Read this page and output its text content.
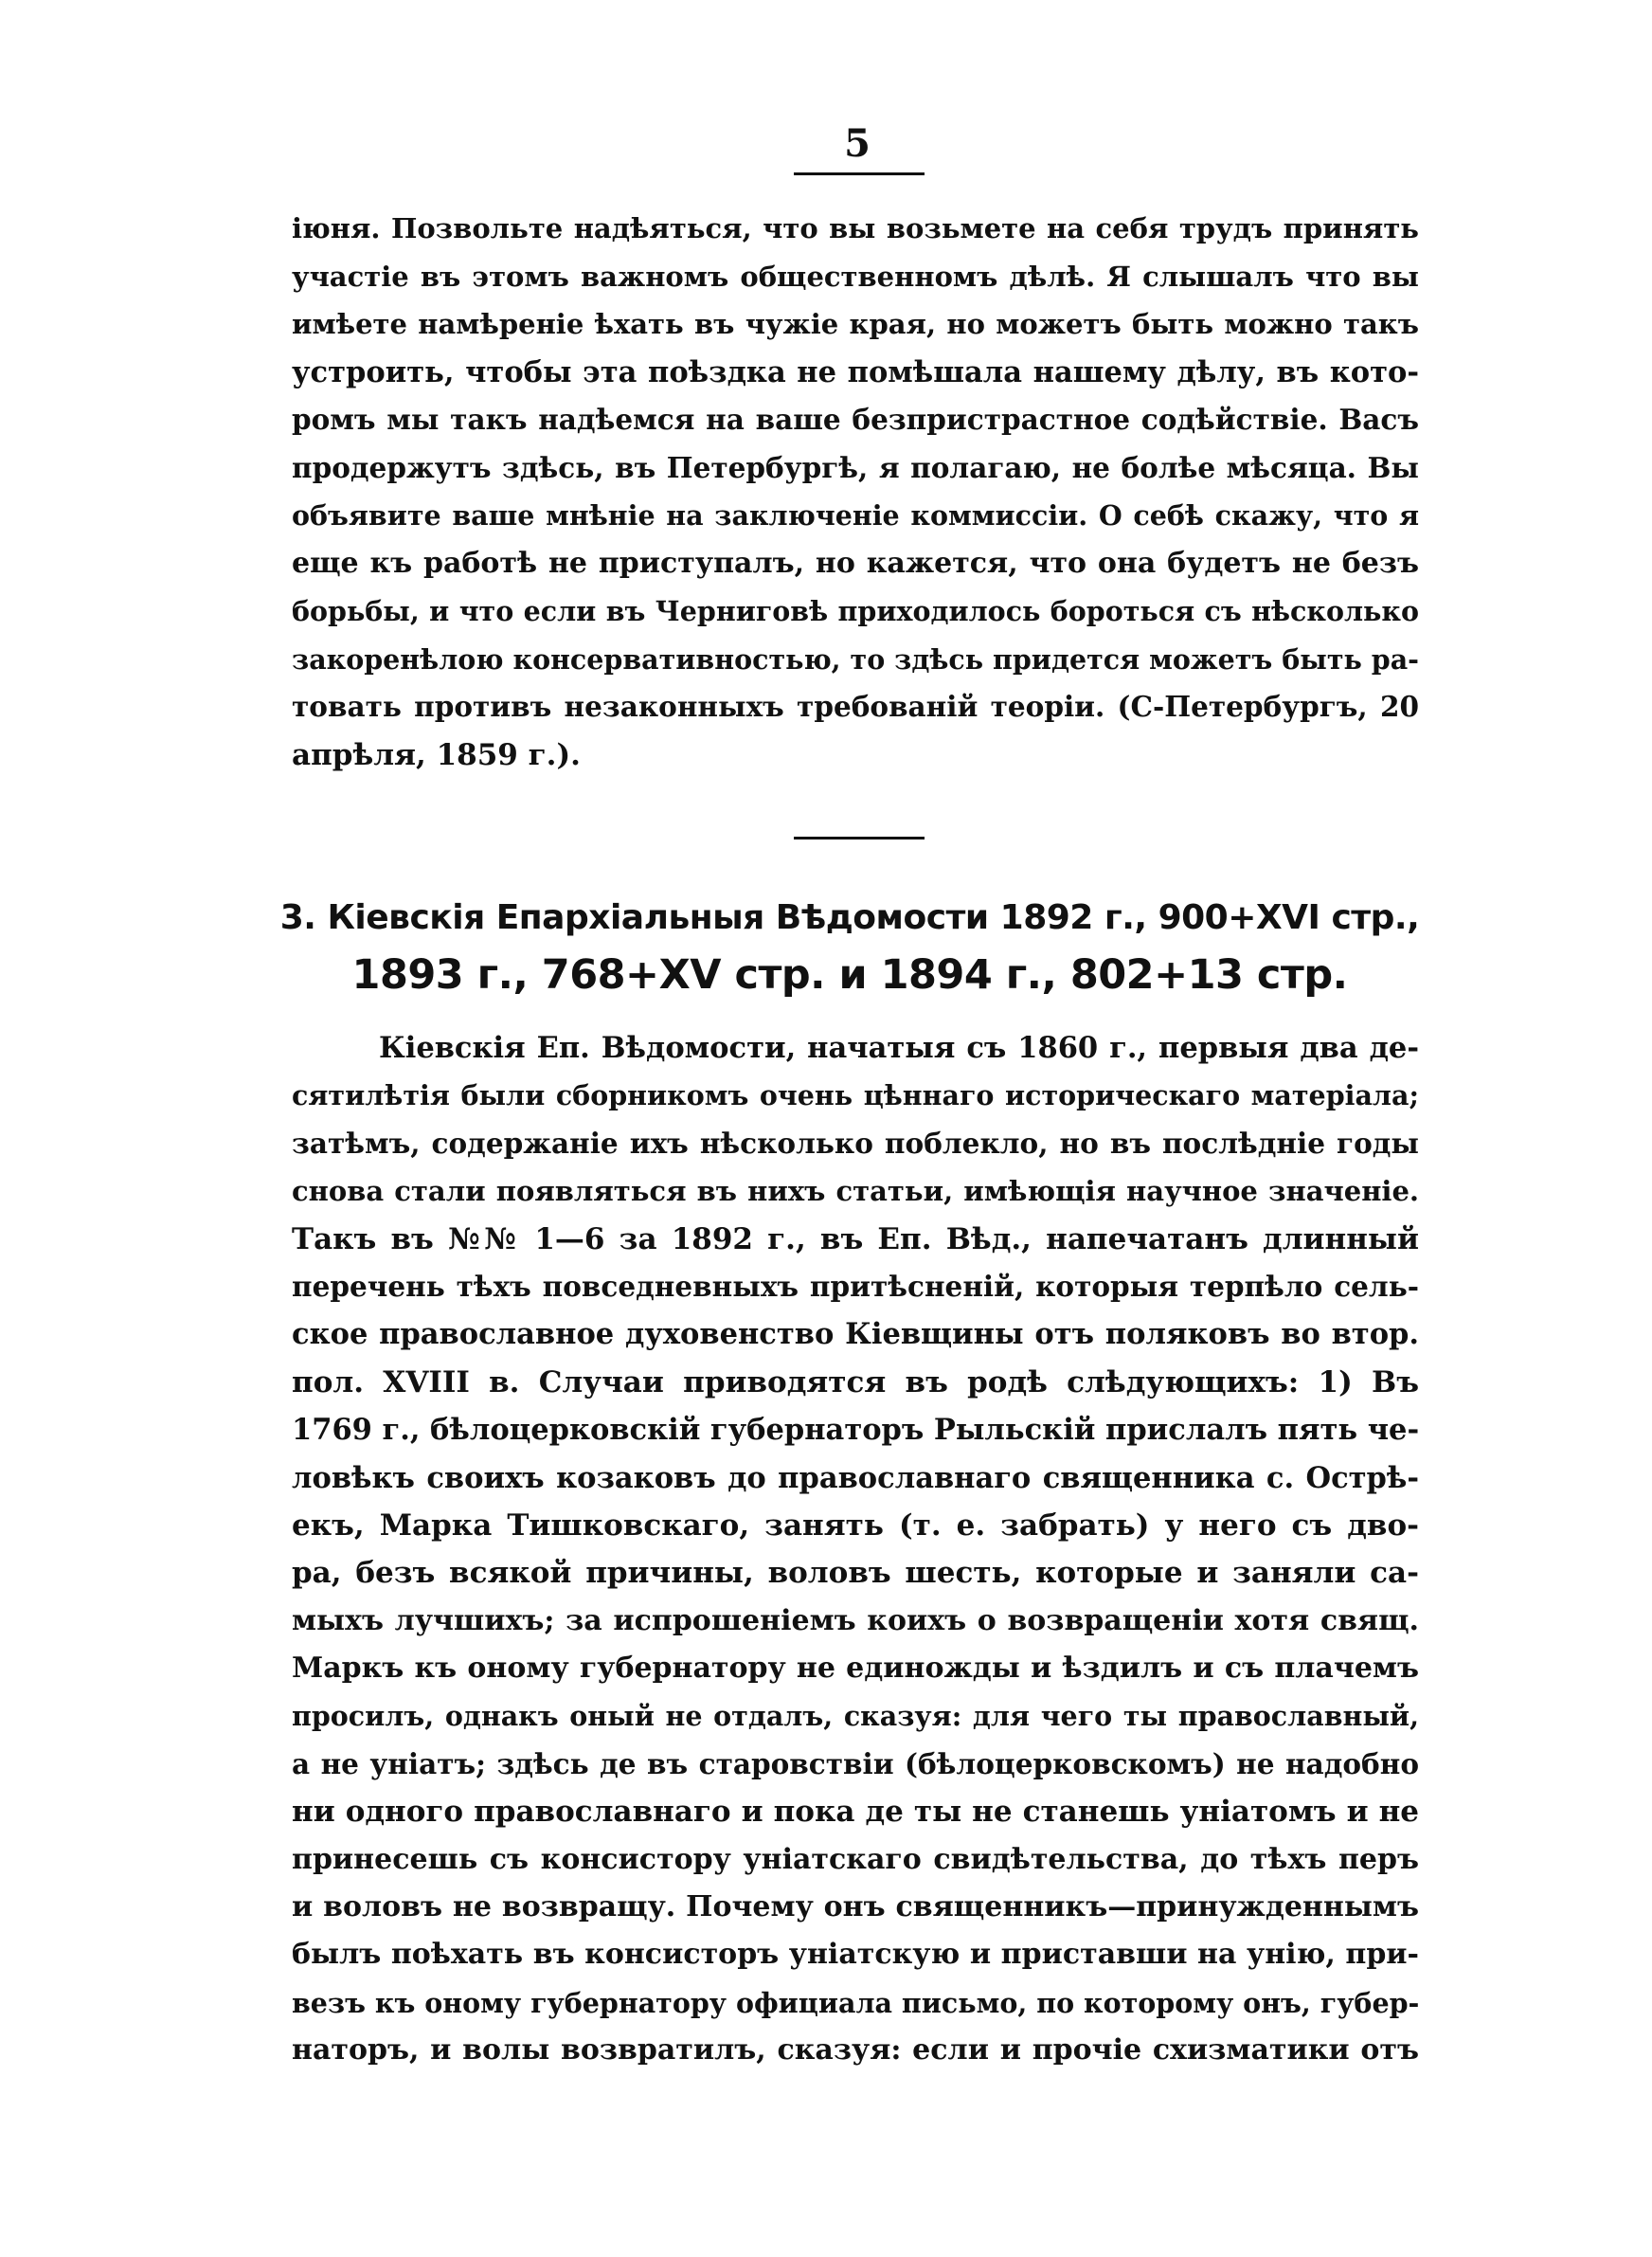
5
іюня. Позвольте надѣяться, что вы возьмете на себя трудъ принять
участіе въ этомъ важномъ общественномъ дѣлѣ. Я слышалъ что вы
имѣете намѣреніе ѣхать въ чужіе края, но можетъ быть можно такъ
устроить, чтобы эта поѣздка не помѣшала нашему дѣлу, въ кото-
ромъ мы такъ надѣемся на ваше безпристрастное содѣйствіе. Васъ
продержутъ здѣсь, въ Петербургѣ, я полагаю, не болѣе мѣсяца. Вы
объявите ваше мнѣніе на заключеніе коммиссіи. О себѣ скажу, что я
еще къ работѣ не приступалъ, но кажется, что она будетъ не безъ
борьбы, и что если въ Черниговѣ приходилось бороться съ нѣсколько
закоренѣлою консервативностью, то здѣсь придется можетъ быть ра-
товать противъ незаконныхъ требованій теоріи. (С-Петербургъ, 20
апрѣля, 1859 г.).
3. Кіевскія Епархіальныя Вѣдомости 1892 г., 900+XVI стр.,
1893 г., 768+XV стр. и 1894 г., 802+13 стр.
Кіевскія Еп. Вѣдомости, начатыя съ 1860 г., первыя два де-
сятилѣтія были сборникомъ очень цѣннаго историческаго матеріала;
затѣмъ, содержаніе ихъ нѣсколько поблекло, но въ послѣдніе годы
снова стали появляться въ нихъ статьи, имѣющія научное значеніе.
Такъ въ №№ 1—6 за 1892 г., въ Еп. Вѣд., напечатанъ длинный
перечень тѣхъ повседневныхъ притѣсненій, которыя терпѣло сель-
ское православное духовенство Кіевщины отъ поляковъ во втор.
пол. XVIII в. Случаи приводятся въ родѣ слѣдующихъ: 1) Въ
1769 г., бѣлоцерковскій губернаторъ Рыльскій прислалъ пять че-
ловѣкъ своихъ козаковъ до православнаго священника с. Острѣ-
екъ, Марка Тишковскаго, занять (т. е. забрать) у него съ дво-
ра, безъ всякой причины, воловъ шесть, которые и заняли са-
мыхъ лучшихъ; за испрошеніемъ коихъ о возвращеніи хотя свящ.
Маркъ къ оному губернатору не единожды и ѣздилъ и съ плачемъ
просилъ, однакъ оный не отдалъ, сказуя: для чего ты православный,
а не уніатъ; здѣсь де въ старовствіи (бѣлоцерковскомъ) не надобно
ни одного православнаго и пока де ты не станешь уніатомъ и не
принесешь съ консистору уніатскаго свидѣтельства, до тѣхъ перъ
и воловъ не возвращу. Почему онъ священникъ—принужденнымъ
былъ поѣхать въ консисторъ уніатскую и приставши на унію, при-
везъ къ оному губернатору официала письмо, по которому онъ, губер-
наторъ, и волы возвратилъ, сказуя: если и прочіе схизматики отъ
